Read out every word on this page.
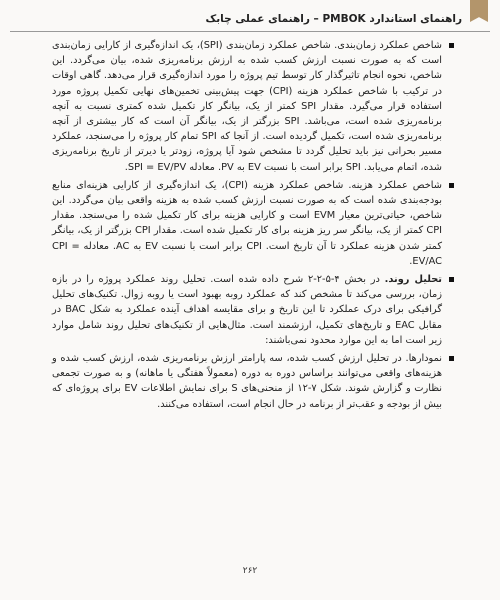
راهنمای استاندارد PMBOK – راهنمای عملی چابک
شاخص عملکرد زمان‌بندی. شاخص عملکرد زمان‌بندی (SPI)، یک اندازه‌گیری از کارایی زمان‌بندی است که به صورت نسبت ارزش کسب شده به ارزش برنامه‌ریزی شده، بیان می‌گردد. این شاخص، نحوه انجام تاثیرگذار کار توسط تیم پروژه را مورد اندازه‌گیری قرار می‌دهد. گاهی اوقات در ترکیب با شاخص عملکرد هزینه (CPI) جهت پیش‌بینی تخمین‌های نهایی تکمیل پروژه مورد استفاده قرار می‌گیرد. مقدار SPI کمتر از یک، بیانگر کار تکمیل شده کمتری نسبت به آنچه برنامه‌ریزی شده است، می‌باشد. SPI بزرگتر از یک، بیانگر آن است که کار بیشتری از آنچه برنامه‌ریزی شده است، تکمیل گردیده است. از آنجا که SPI تمام کار پروژه را می‌سنجد، عملکرد مسیر بحرانی نیز باید تحلیل گردد تا مشخص شود آیا پروژه، زودتر یا دیرتر از تاریخ برنامه‌ریزی شده، اتمام می‌یابد. SPI برابر است با نسبت EV به PV. معادله SPI = EV/PV.
شاخص عملکرد هزینه. شاخص عملکرد هزینه (CPI)، یک اندازه‌گیری از کارایی هزینه‌ای منابع بودجه‌بندی شده است که به صورت نسبت ارزش کسب شده به هزینه واقعی بیان می‌گردد. این شاخص، حیاتی‌ترین معیار EVM است و کارایی هزینه برای کار تکمیل شده را می‌سنجد. مقدار CPI کمتر از یک، بیانگر سر ریز هزینه برای کار تکمیل شده است. مقدار CPI بزرگتر از یک، بیانگر کمتر شدن هزینه عملکرد تا آن تاریخ است. CPI برابر است با نسبت EV به AC. معادله CPI = EV/AC.
تحلیل روند. در بخش ۴-۵-۲-۲ شرح داده شده است. تحلیل روند عملکرد پروژه را در بازه زمان، بررسی می‌کند تا مشخص کند که عملکرد روبه بهبود است یا روبه زوال. تکنیک‌های تحلیل گرافیکی برای درک عملکرد تا این تاریخ و برای مقایسه اهداف آینده عملکرد به شکل BAC در مقابل EAC و تاریخ‌های تکمیل، ارزشمند است. مثال‌هایی از تکنیک‌های تحلیل روند شامل موارد زیر است اما به این موارد محدود نمی‌باشند:
نمودارها. در تحلیل ارزش کسب شده، سه پارامتر ارزش برنامه‌ریزی شده، ارزش کسب شده و هزینه‌های واقعی می‌توانند براساس دوره به دوره (معمولاً هفتگی یا ماهانه) و به صورت تجمعی نظارت و گزارش شوند. شکل ۷-۱۲ از منحنی‌های S برای نمایش اطلاعات EV برای پروژه‌ای که بیش از بودجه و عقب‌تر از برنامه در حال انجام است، استفاده می‌کنند.
۲۶۲
